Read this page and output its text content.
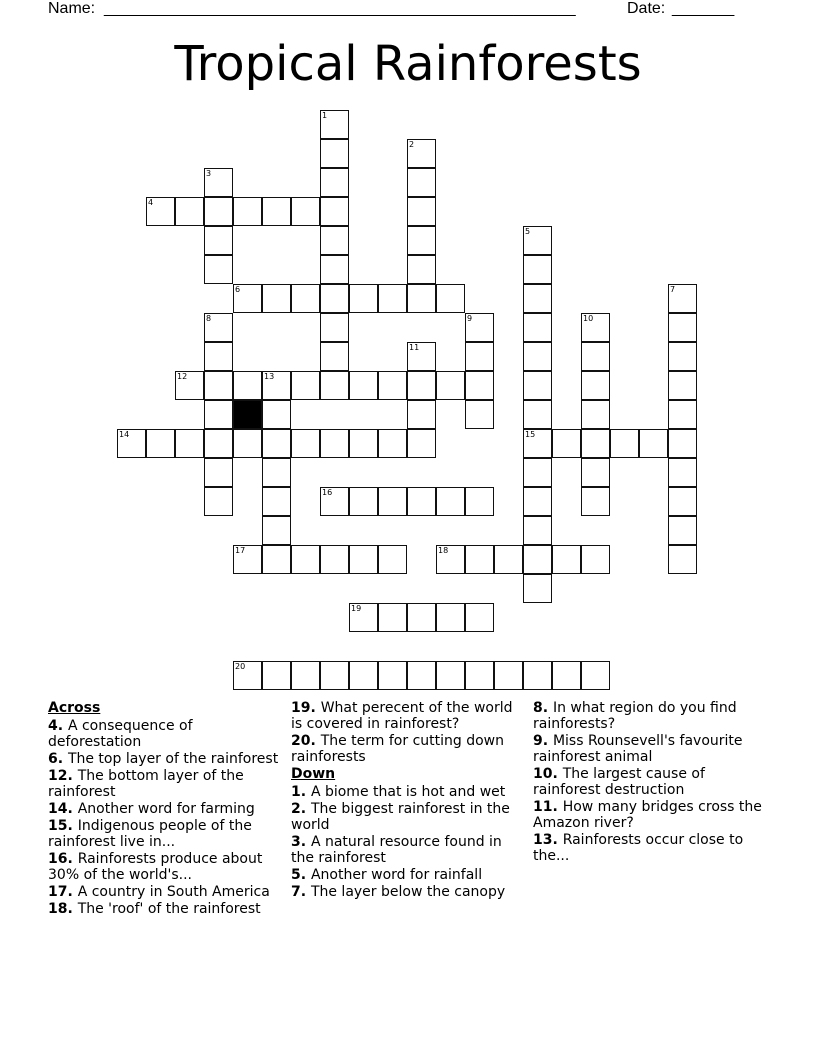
Name: _____________________________________________________	Date: _______
Tropical Rainforests
1
2
3
4
5
15
6	7
8	9	10
11
12	13
14
16
17	18
19
20
Across
4. A consequence of deforestation
6. The top layer of the rainforest
12. The bottom layer of the rainforest
14. Another word for farming
15. Indigenous people of the rainforest live in...
16. Rainforests produce about 30% of the world's...
17. A country in South America
18. The 'roof' of the rainforest
19. What perecent of the world is covered in rainforest?
20. The term for cutting down rainforests
Down
1. A biome that is hot and wet
2. The biggest rainforest in the world
3. A natural resource found in the rainforest
5. Another word for rainfall
7. The layer below the canopy
8. In what region do you find rainforests?
9. Miss Rounsevell's favourite rainforest animal
10. The largest cause of rainforest destruction
11. How many bridges cross the Amazon river?
13. Rainforests occur close to the...
